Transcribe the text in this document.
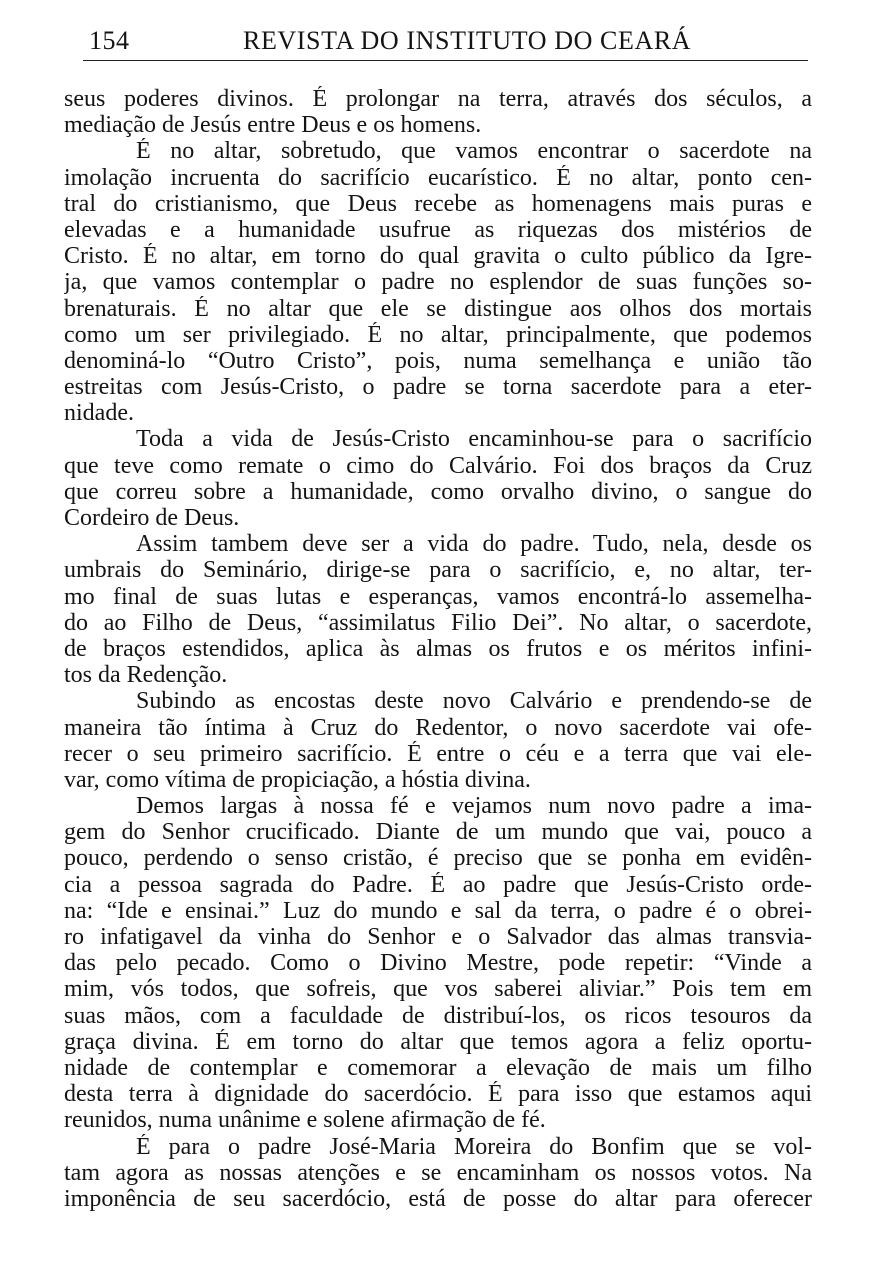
154	REVISTA DO INSTITUTO DO CEARÁ
seus poderes divinos. É prolongar na terra, através dos séculos, a
mediação de Jesús entre Deus e os homens.
É no altar, sobretudo, que vamos encontrar o sacerdote na
imolação incruenta do sacrifício eucarístico. É no altar, ponto cen-
tral do cristianismo, que Deus recebe as homenagens mais puras e
elevadas e a humanidade usufrue as riquezas dos mistérios de
Cristo. É no altar, em torno do qual gravita o culto público da Igre-
ja, que vamos contemplar o padre no esplendor de suas funções so-
brenaturais. É no altar que ele se distingue aos olhos dos mortais
como um ser privilegiado. É no altar, principalmente, que podemos
denominá-lo “Outro Cristo”, pois, numa semelhança e união tão
estreitas com Jesús-Cristo, o padre se torna sacerdote para a eter-
nidade.
Toda a vida de Jesús-Cristo encaminhou-se para o sacrifício
que teve como remate o cimo do Calvário. Foi dos braços da Cruz
que correu sobre a humanidade, como orvalho divino, o sangue do
Cordeiro de Deus.
Assim tambem deve ser a vida do padre. Tudo, nela, desde os
umbrais do Seminário, dirige-se para o sacrifício, e, no altar, ter-
mo final de suas lutas e esperanças, vamos encontrá-lo assemelha-
do ao Filho de Deus, “assimilatus Filio Dei”. No altar, o sacerdote,
de braços estendidos, aplica às almas os frutos e os méritos infini-
tos da Redenção.
Subindo as encostas deste novo Calvário e prendendo-se de
maneira tão íntima à Cruz do Redentor, o novo sacerdote vai ofe-
recer o seu primeiro sacrifício. É entre o céu e a terra que vai ele-
var, como vítima de propiciação, a hóstia divina.
Demos largas à nossa fé e vejamos num novo padre a ima-
gem do Senhor crucificado. Diante de um mundo que vai, pouco a
pouco, perdendo o senso cristão, é preciso que se ponha em evidên-
cia a pessoa sagrada do Padre. É ao padre que Jesús-Cristo orde-
na: “Ide e ensinai.” Luz do mundo e sal da terra, o padre é o obrei-
ro infatigavel da vinha do Senhor e o Salvador das almas transvia-
das pelo pecado. Como o Divino Mestre, pode repetir: “Vinde a
mim, vós todos, que sofreis, que vos saberei aliviar.” Pois tem em
suas mãos, com a faculdade de distribuí-los, os ricos tesouros da
graça divina. É em torno do altar que temos agora a feliz oportu-
nidade de contemplar e comemorar a elevação de mais um filho
desta terra à dignidade do sacerdócio. É para isso que estamos aqui
reunidos, numa unânime e solene afirmação de fé.
É para o padre José-Maria Moreira do Bonfim que se vol-
tam agora as nossas atenções e se encaminham os nossos votos. Na
imponência de seu sacerdócio, está de posse do altar para oferecer
